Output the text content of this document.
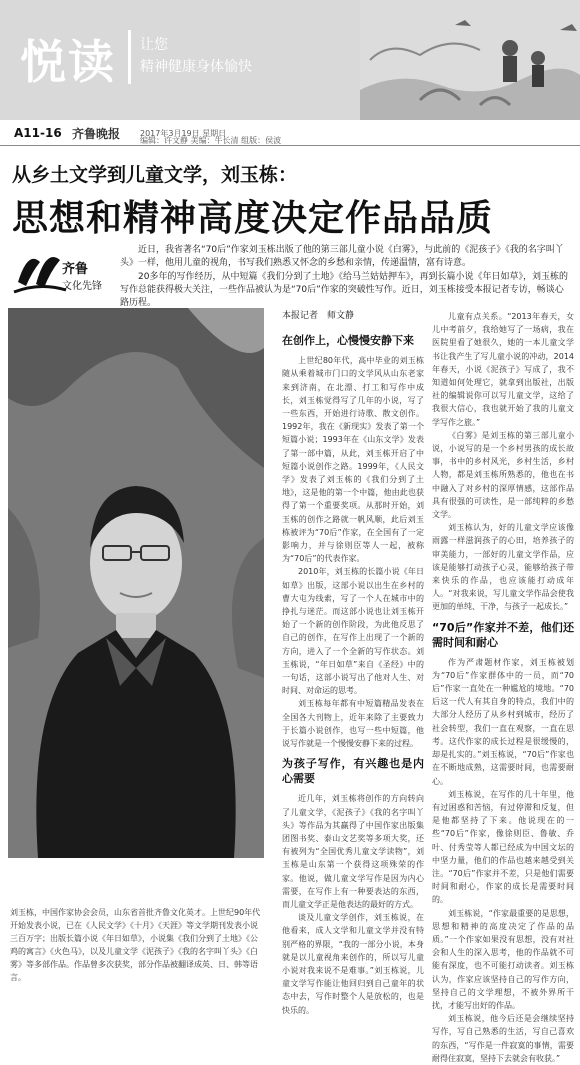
悦读 让您
精神健康身体愉快
A11-16 齐鲁晚报 2017年3月19日 星期日
编辑：许文静 美编：牛长清 组版：侯波
从乡土文学到儿童文学，刘玉栋：
思想和精神高度决定作品品质
齐鲁
文化先锋

近日，我省著名“70后”作家刘玉栋出版了他的第三部儿童小说《白雾》，与此前的《泥孩子》《我的名字叫丫头》一样，他用儿童的视角，书写我们熟悉又怀念的乡愁和亲情，传递温情，富有诗意。

20多年的写作经历，从中短篇《我们分到了土地》《给马兰姑姑押车》，再到长篇小说《年日如草》，刘玉栋的写作总能获得极大关注，一些作品被认为是“70后”作家的突破性写作。近日，刘玉栋接受本报记者专访，畅谈心路历程。

刘玉栋，中国作家协会会员，山东省首批齐鲁文化英才。上世纪90年代开始发表小说，已在《人民文学》《十月》《天涯》等文学期刊发表小说三百万字；出版长篇小说《年日如草》，小说集《我们分到了土地》《公鸡的寓言》《火色马》，以及儿童文学《泥孩子》《我的名字叫丫头》《白雾》等多部作品。作品曾多次获奖，部分作品被翻译成英、日、韩等语言。
本报记者　师文静
在创作上，心慢慢安静下来

上世纪80年代，高中毕业的刘玉栋随从乘着城市门口的文学风从山东老家来到济南，在北漂、打工和写作中成长，刘玉栋觉得写了几年的小说，写了一些东西，开始进行诗歌、散文创作。1992年，我在《新现实》发表了第一个短篇小说；1993年在《山东文学》发表了第一部中篇，从此，刘玉栋开启了中短篇小说创作之路。1999年，《人民文学》发表了刘玉栋的《我们分到了土地》，这是他的第一个中篇，他由此也获得了第一个重要奖项。从那时开始，刘玉栋的创作之路就一帆风顺，此后刘玉栋被评为“70后”作家，在全国有了一定影响力，并与徐则臣等人一起，被称为“70后”的代表作家。

2010年，刘玉栋的长篇小说《年日如草》出版，这部小说以出生在乡村的曹大屯为线索，写了一个人在城市中的挣扎与迷茫。而这部小说也让刘玉栋开始了一个新的创作阶段，为此他反思了自己的创作，在写作上出现了一个新的方向，进入了一个全新的写作状态。刘玉栋说，“年日如草”来自《圣经》中的一句话，这部小说写出了他对人生、对时间、对命运的思考。

刘玉栋每年都有中短篇精品发表在全国各大刊物上，近年来除了主要致力于长篇小说创作，也写一些中短篇，他说写作就是一个慢慢安静下来的过程。

为孩子写作，有兴趣也是内心需要

近几年，刘玉栋将创作的方向转向了儿童文学，《泥孩子》《我的名字叫丫头》等作品为其赢得了中国作家出版集团图书奖、泰山文艺奖等多项大奖，还有被列为“全国优秀儿童文学读物”，刘玉栋是山东第一个获得这项殊荣的作家。他说，做儿童文学写作是因为内心需要，在写作上有一种要表达的东西，而儿童文学正是他表达的最好的方式。

谈及儿童文学创作，刘玉栋说，在他看来，成人文学和儿童文学并没有特别严格的界限，“我的一部分小说，本身就是以儿童视角来创作的，所以写儿童小说对我来说不是难事。”刘玉栋说，儿童文学写作能让他回归到自己童年的状态中去，写作时整个人是放松的，也是快乐的。

儿童有点关系。“2013年春天，女儿中考前夕，我给她写了一场病，我在医院里看了她很久，她的一本儿童文学书让我产生了写儿童小说的冲动，2014年春天，小说《泥孩子》写成了，我不知道如何处理它，就拿到出版社，出版社的编辑说你可以写儿童文学，这给了我很大信心，我也就开始了我的儿童文学写作之旅。”

《白雾》是刘玉栋的第三部儿童小说，小说写的是一个乡村男孩的成长故事，书中的乡村风光，乡村生活，乡村人物，都是刘玉栋所熟悉的，他也在书中融入了对乡村的深厚情感，这部作品具有很强的可读性，是一部纯粹的乡愁文学。

刘玉栋认为，好的儿童文学应该像雨露一样滋润孩子的心田，培养孩子的审美能力，一部好的儿童文学作品，应该是能够打动孩子心灵，能够给孩子带来快乐的作品，也应该能打动成年人。“对我来说，写儿童文学作品会使我更加的单纯、干净，与孩子一起成长。”

“70后”作家并不差，他们还需时间和耐心

作为严肃题材作家，刘玉栋被划为“70后”作家群体中的一员，而“70后”作家一直处在一种尴尬的境地。“70后这一代人有其自身的特点，我们中的大部分人经历了从乡村到城市，经历了社会转型，我们一直在观察，一直在思考。这代作家的成长过程是很缓慢的，却是扎实的。”刘玉栋说，“70后”作家也在不断地成熟，这需要时间，也需要耐心。

刘玉栋说，在写作的几十年里，他有过困惑和苦恼，有过停滞和反复，但是他都坚持了下来。他说现在的一些“70后”作家，像徐则臣、鲁敏、乔叶、付秀莹等人都已经成为中国文坛的中坚力量，他们的作品也越来越受到关注。“70后”作家并不差，只是他们需要时间和耐心，作家的成长是需要时间的。

刘玉栋说，“作家最重要的是思想，思想和精神的高度决定了作品的品质。”一个作家如果没有思想，没有对社会和人生的深入思考，他的作品就不可能有深度，也不可能打动读者。刘玉栋认为，作家应该坚持自己的写作方向，坚持自己的文学理想，不被外界所干扰，才能写出好的作品。

刘玉栋说，他今后还是会继续坚持写作，写自己熟悉的生活，写自己喜欢的东西，“写作是一件寂寞的事情，需要耐得住寂寞，坚持下去就会有收获。”
